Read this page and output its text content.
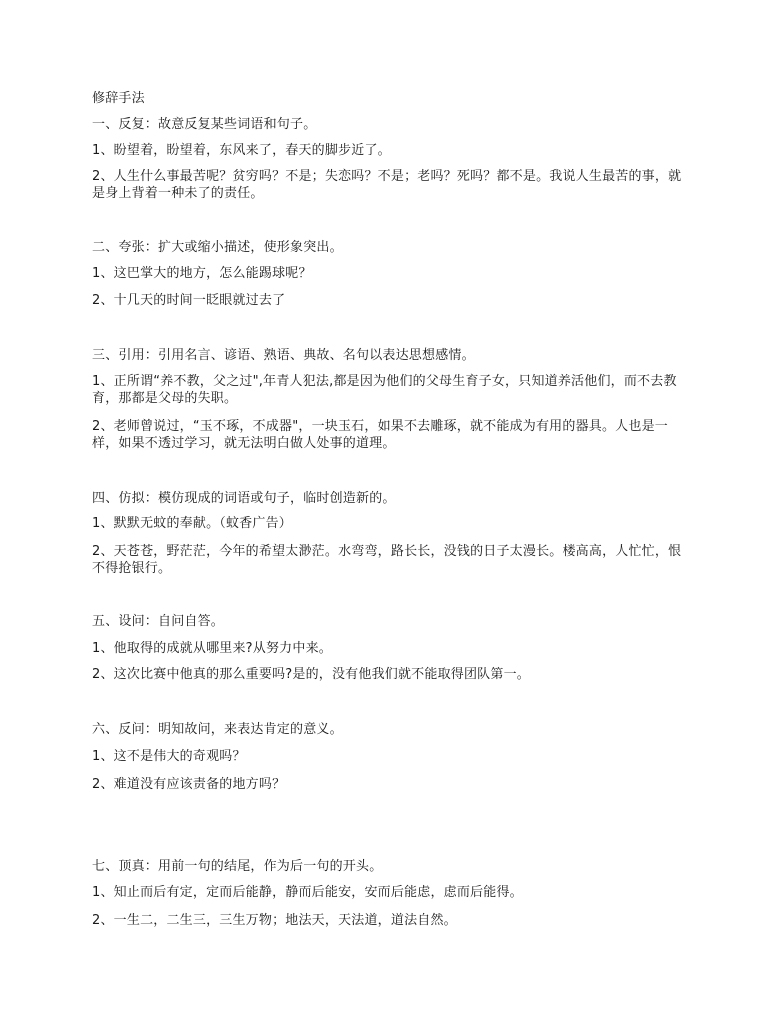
修辞手法
一、反复：故意反复某些词语和句子。
1、盼望着，盼望着，东风来了，春天的脚步近了。
2、人生什么事最苦呢？贫穷吗？不是；失恋吗？不是；老吗？死吗？都不是。我说人生最苦的事，就是身上背着一种未了的责任。
二、夸张：扩大或缩小描述，使形象突出。
1、这巴掌大的地方，怎么能踢球呢？
2、十几天的时间一眨眼就过去了
三、引用：引用名言、谚语、熟语、典故、名句以表达思想感情。
1、正所谓“养不教，父之过",年青人犯法,都是因为他们的父母生育子女，只知道养活他们，而不去教育，那都是父母的失职。
2、老师曾说过，“玉不琢，不成器"，一块玉石，如果不去雕琢，就不能成为有用的器具。人也是一样，如果不透过学习，就无法明白做人处事的道理。
四、仿拟：模仿现成的词语或句子，临时创造新的。
1、默默无蚊的奉献。（蚊香广告）
2、天苍苍，野茫茫，今年的希望太渺茫。水弯弯，路长长，没钱的日子太漫长。楼高高，人忙忙，恨不得抢银行。
五、设问：自问自答。
1、他取得的成就从哪里来?从努力中来。
2、这次比赛中他真的那么重要吗?是的，没有他我们就不能取得团队第一。
六、反问：明知故问，来表达肯定的意义。
1、这不是伟大的奇观吗？
2、难道没有应该责备的地方吗？
七、顶真：用前一句的结尾，作为后一句的开头。
1、知止而后有定，定而后能静，静而后能安，安而后能虑，虑而后能得。
2、一生二，二生三，三生万物；地法天，天法道，道法自然。
